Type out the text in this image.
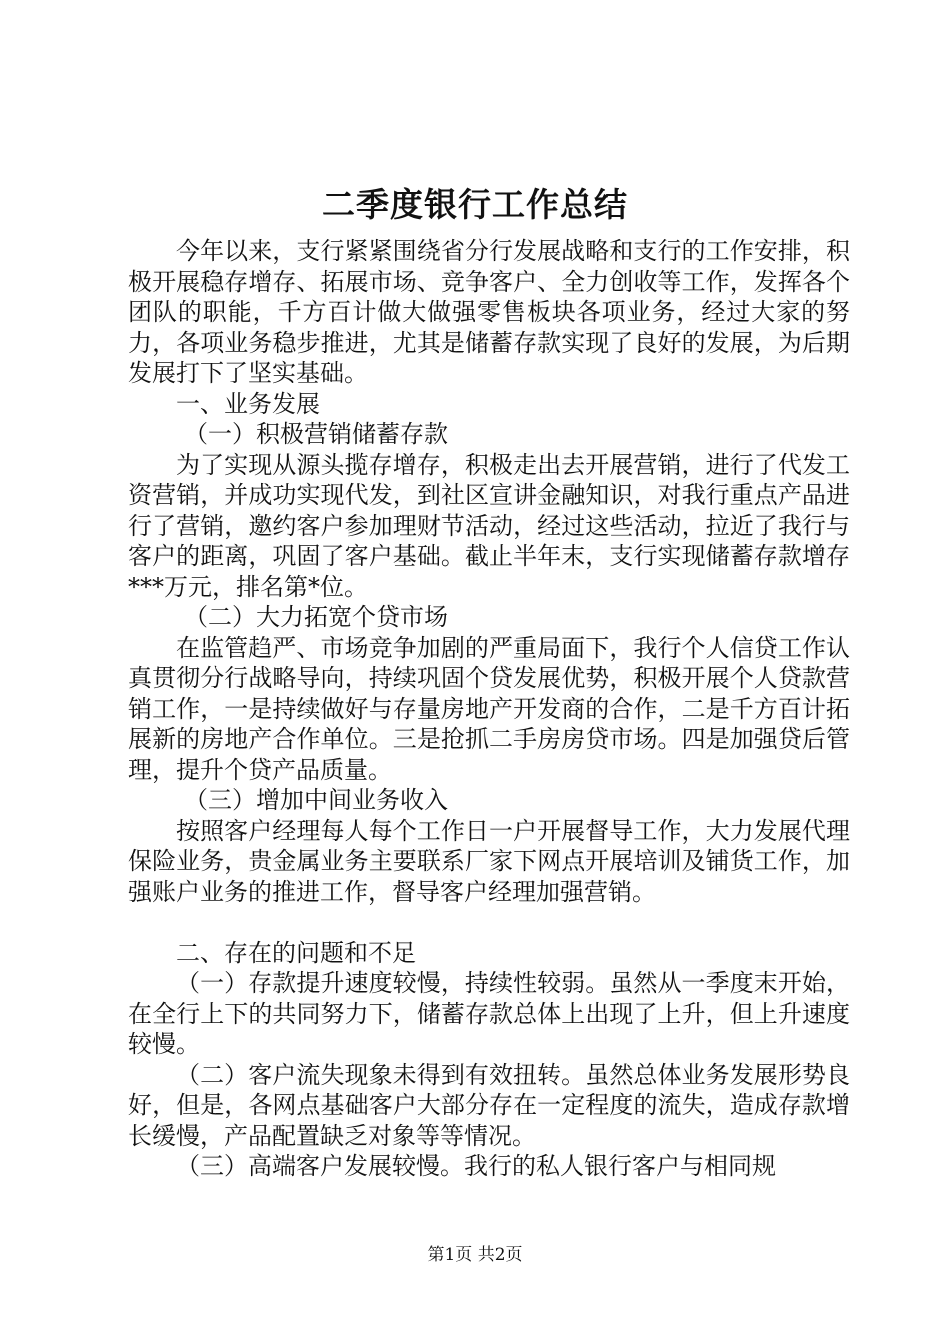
二季度银行工作总结

今年以来，支行紧紧围绕省分行发展战略和支行的工作安排，积极开展稳存增存、拓展市场、竞争客户、全力创收等工作，发挥各个团队的职能，千方百计做大做强零售板块各项业务，经过大家的努力，各项业务稳步推进，尤其是储蓄存款实现了良好的发展，为后期发展打下了坚实基础。

一、业务发展

（一）积极营销储蓄存款

为了实现从源头揽存增存，积极走出去开展营销，进行了代发工资营销，并成功实现代发，到社区宣讲金融知识，对我行重点产品进行了营销，邀约客户参加理财节活动，经过这些活动，拉近了我行与客户的距离，巩固了客户基础。截止半年末，支行实现储蓄存款增存***万元，排名第*位。

（二）大力拓宽个贷市场

在监管趋严、市场竞争加剧的严重局面下，我行个人信贷工作认真贯彻分行战略导向，持续巩固个贷发展优势，积极开展个人贷款营销工作，一是持续做好与存量房地产开发商的合作，二是千方百计拓展新的房地产合作单位。三是抢抓二手房房贷市场。四是加强贷后管理，提升个贷产品质量。

（三）增加中间业务收入

按照客户经理每人每个工作日一户开展督导工作，大力发展代理保险业务，贵金属业务主要联系厂家下网点开展培训及铺货工作，加强账户业务的推进工作，督导客户经理加强营销。

二、存在的问题和不足

（一）存款提升速度较慢，持续性较弱。虽然从一季度末开始，在全行上下的共同努力下，储蓄存款总体上出现了上升，但上升速度较慢。

（二）客户流失现象未得到有效扭转。虽然总体业务发展形势良好，但是，各网点基础客户大部分存在一定程度的流失，造成存款增长缓慢，产品配置缺乏对象等等情况。

（三）高端客户发展较慢。我行的私人银行客户与相同规

第1页 共2页
